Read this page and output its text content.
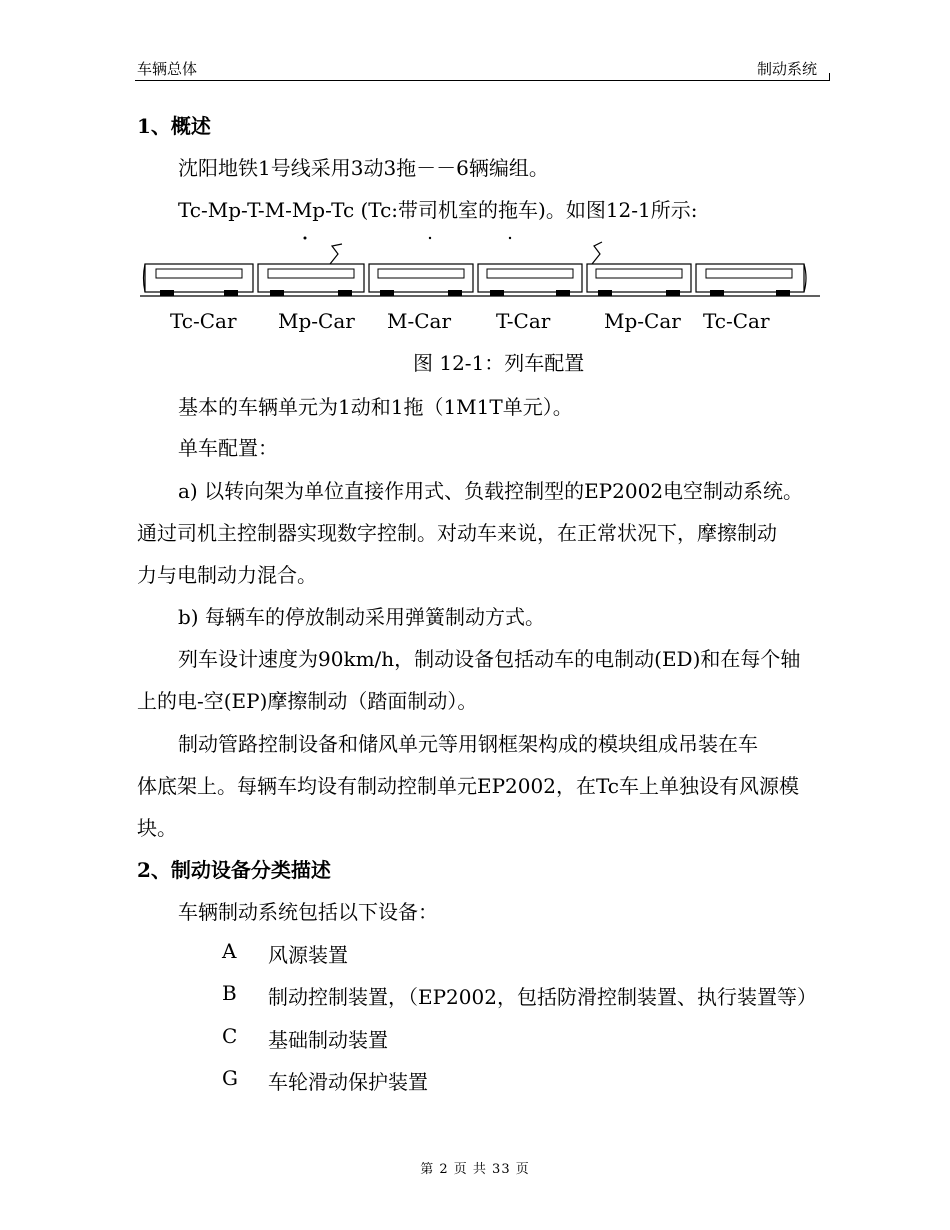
车辆总体	制动系统
1、概述
沈阳地铁1号线采用3动3拖－－6辆编组。
Tc-Mp-T-M-Mp-Tc (Tc:带司机室的拖车)。如图12-1所示:
Tc-Car Mp-Car M-Car T-Car	Mp-Car Tc-Car
图 12-1：列车配置
基本的车辆单元为1动和1拖（1M1T单元）。
单车配置：
a) 以转向架为单位直接作用式、负载控制型的EP2002电空制动系统。
通过司机主控制器实现数字控制。对动车来说，在正常状况下，摩擦制动
力与电制动力混合。
b) 每辆车的停放制动采用弹簧制动方式。
列车设计速度为90km/h，制动设备包括动车的电制动(ED)和在每个轴
上的电-空(EP)摩擦制动（踏面制动）。
制动管路控制设备和储风单元等用钢框架构成的模块组成吊装在车
体底架上。每辆车均设有制动控制单元EP2002，在Tc车上单独设有风源模
块。
2、制动设备分类描述
车辆制动系统包括以下设备：
A 风源装置
B 制动控制装置，（EP2002，包括防滑控制装置、执行装置等）
C 基础制动装置
G 车轮滑动保护装置
第 2 页 共 33 页
